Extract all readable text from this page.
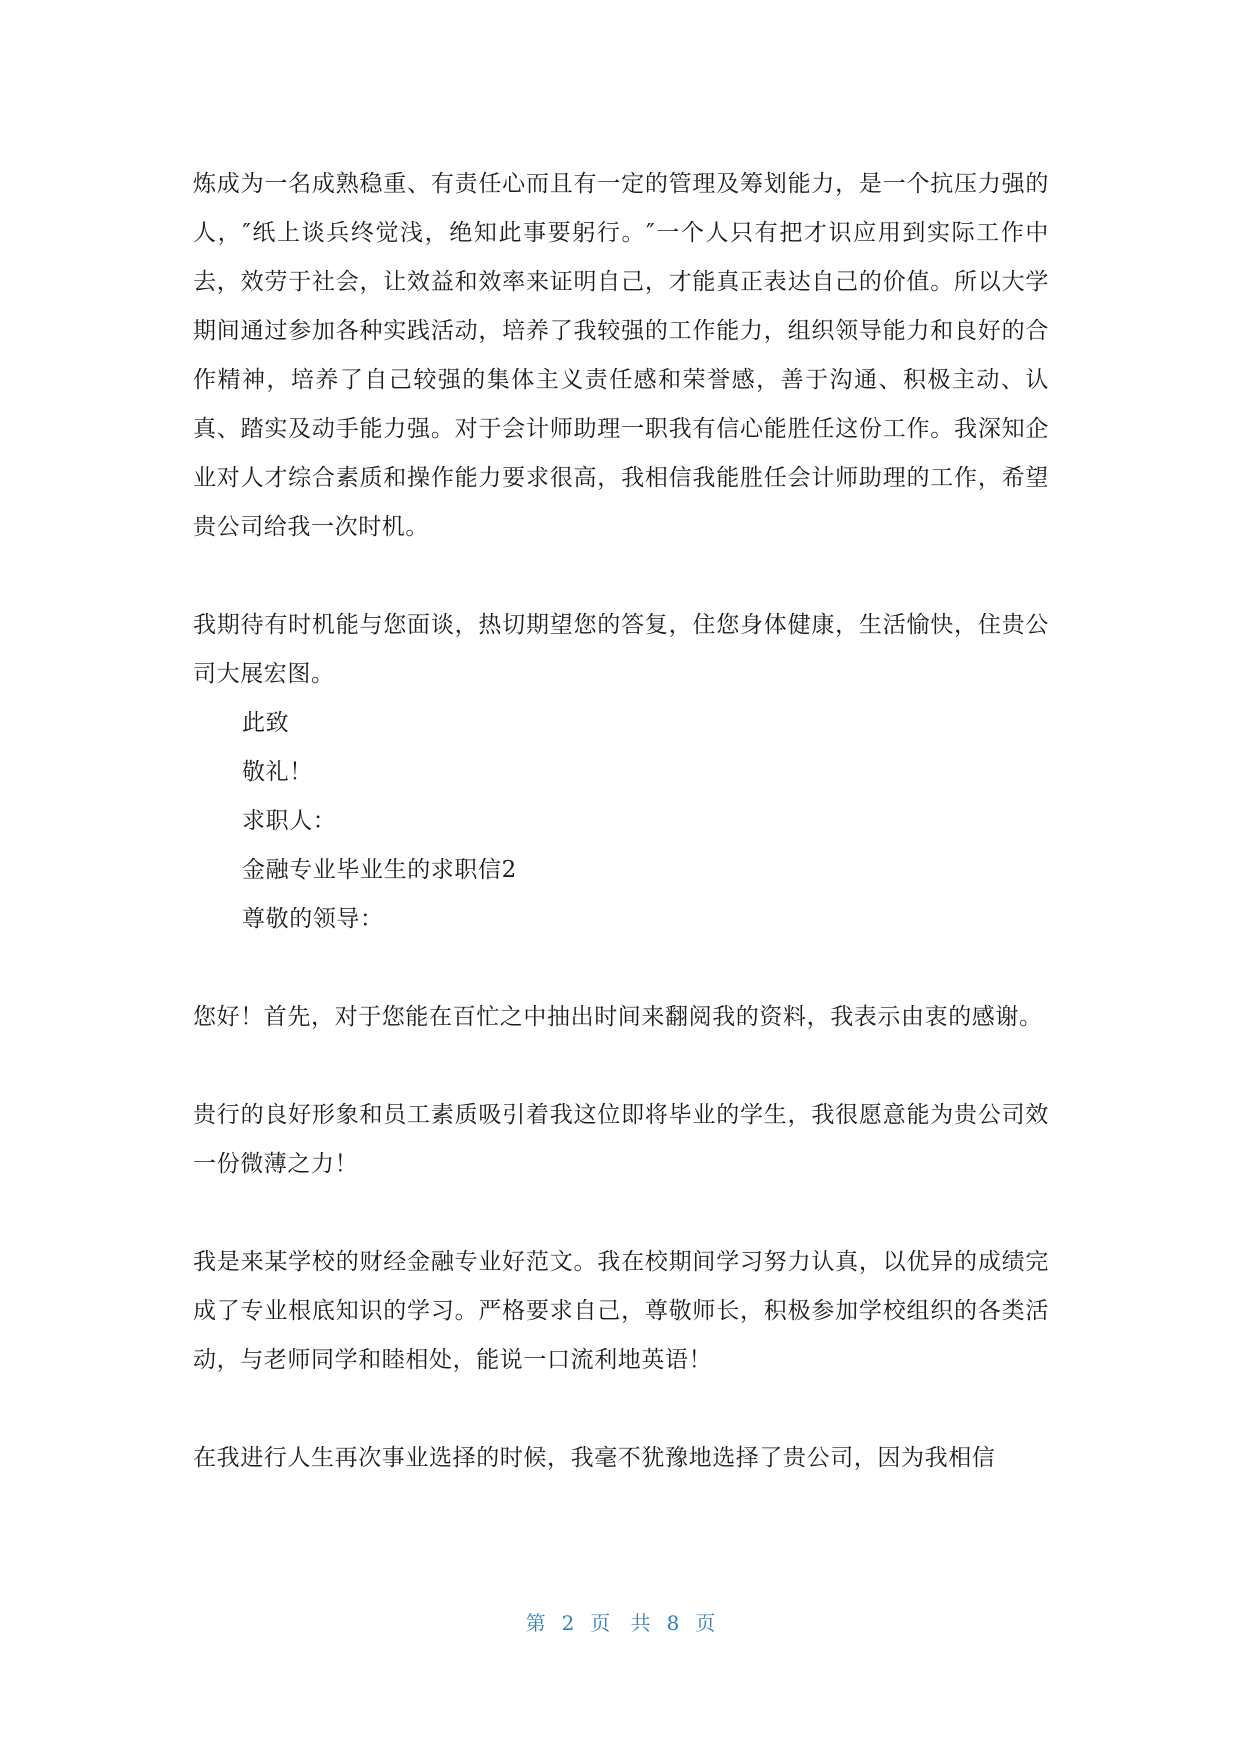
炼成为一名成熟稳重、有责任心而且有一定的管理及筹划能力，是一个抗压力强的人，″纸上谈兵终觉浅，绝知此事要躬行。″一个人只有把才识应用到实际工作中去，效劳于社会，让效益和效率来证明自己，才能真正表达自己的价值。所以大学期间通过参加各种实践活动，培养了我较强的工作能力，组织领导能力和良好的合作精神，培养了自己较强的集体主义责任感和荣誉感，善于沟通、积极主动、认真、踏实及动手能力强。对于会计师助理一职我有信心能胜任这份工作。我深知企业对人才综合素质和操作能力要求很高，我相信我能胜任会计师助理的工作，希望贵公司给我一次时机。

我期待有时机能与您面谈，热切期望您的答复，住您身体健康，生活愉快，住贵公司大展宏图。

此致

敬礼！

求职人：

金融专业毕业生的求职信2

尊敬的领导：

您好！首先，对于您能在百忙之中抽出时间来翻阅我的资料，我表示由衷的感谢。

贵行的良好形象和员工素质吸引着我这位即将毕业的学生，我很愿意能为贵公司效一份微薄之力！

我是来某学校的财经金融专业好范文。我在校期间学习努力认真，以优异的成绩完成了专业根底知识的学习。严格要求自己，尊敬师长，积极参加学校组织的各类活动，与老师同学和睦相处，能说一口流利地英语！

在我进行人生再次事业选择的时候，我毫不犹豫地选择了贵公司，因为我相信

第 2 页 共 8 页
